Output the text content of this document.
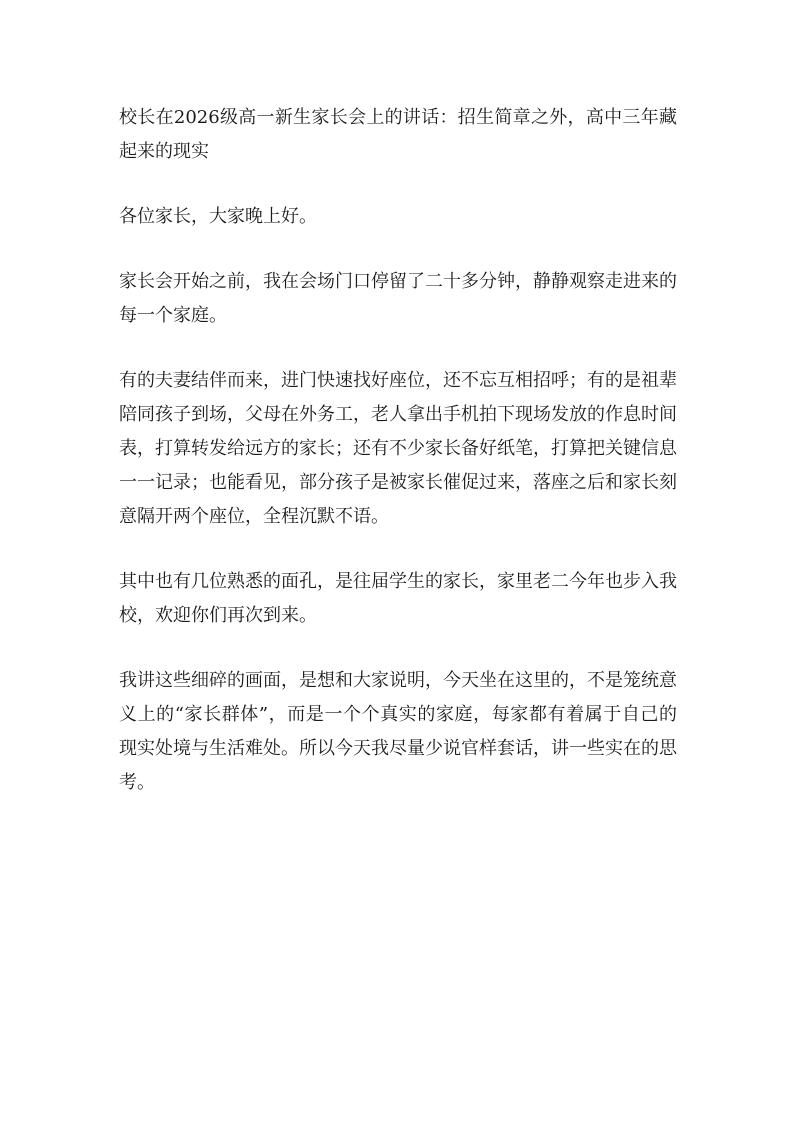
校长在2026级高一新生家长会上的讲话：招生简章之外，高中三年藏起来的现实

各位家长，大家晚上好。

家长会开始之前，我在会场门口停留了二十多分钟，静静观察走进来的每一个家庭。

有的夫妻结伴而来，进门快速找好座位，还不忘互相招呼；有的是祖辈陪同孩子到场，父母在外务工，老人拿出手机拍下现场发放的作息时间表，打算转发给远方的家长；还有不少家长备好纸笔，打算把关键信息一一记录；也能看见，部分孩子是被家长催促过来，落座之后和家长刻意隔开两个座位，全程沉默不语。

其中也有几位熟悉的面孔，是往届学生的家长，家里老二今年也步入我校，欢迎你们再次到来。

我讲这些细碎的画面，是想和大家说明，今天坐在这里的，不是笼统意义上的“家长群体”，而是一个个真实的家庭，每家都有着属于自己的现实处境与生活难处。所以今天我尽量少说官样套话，讲一些实在的思考。
